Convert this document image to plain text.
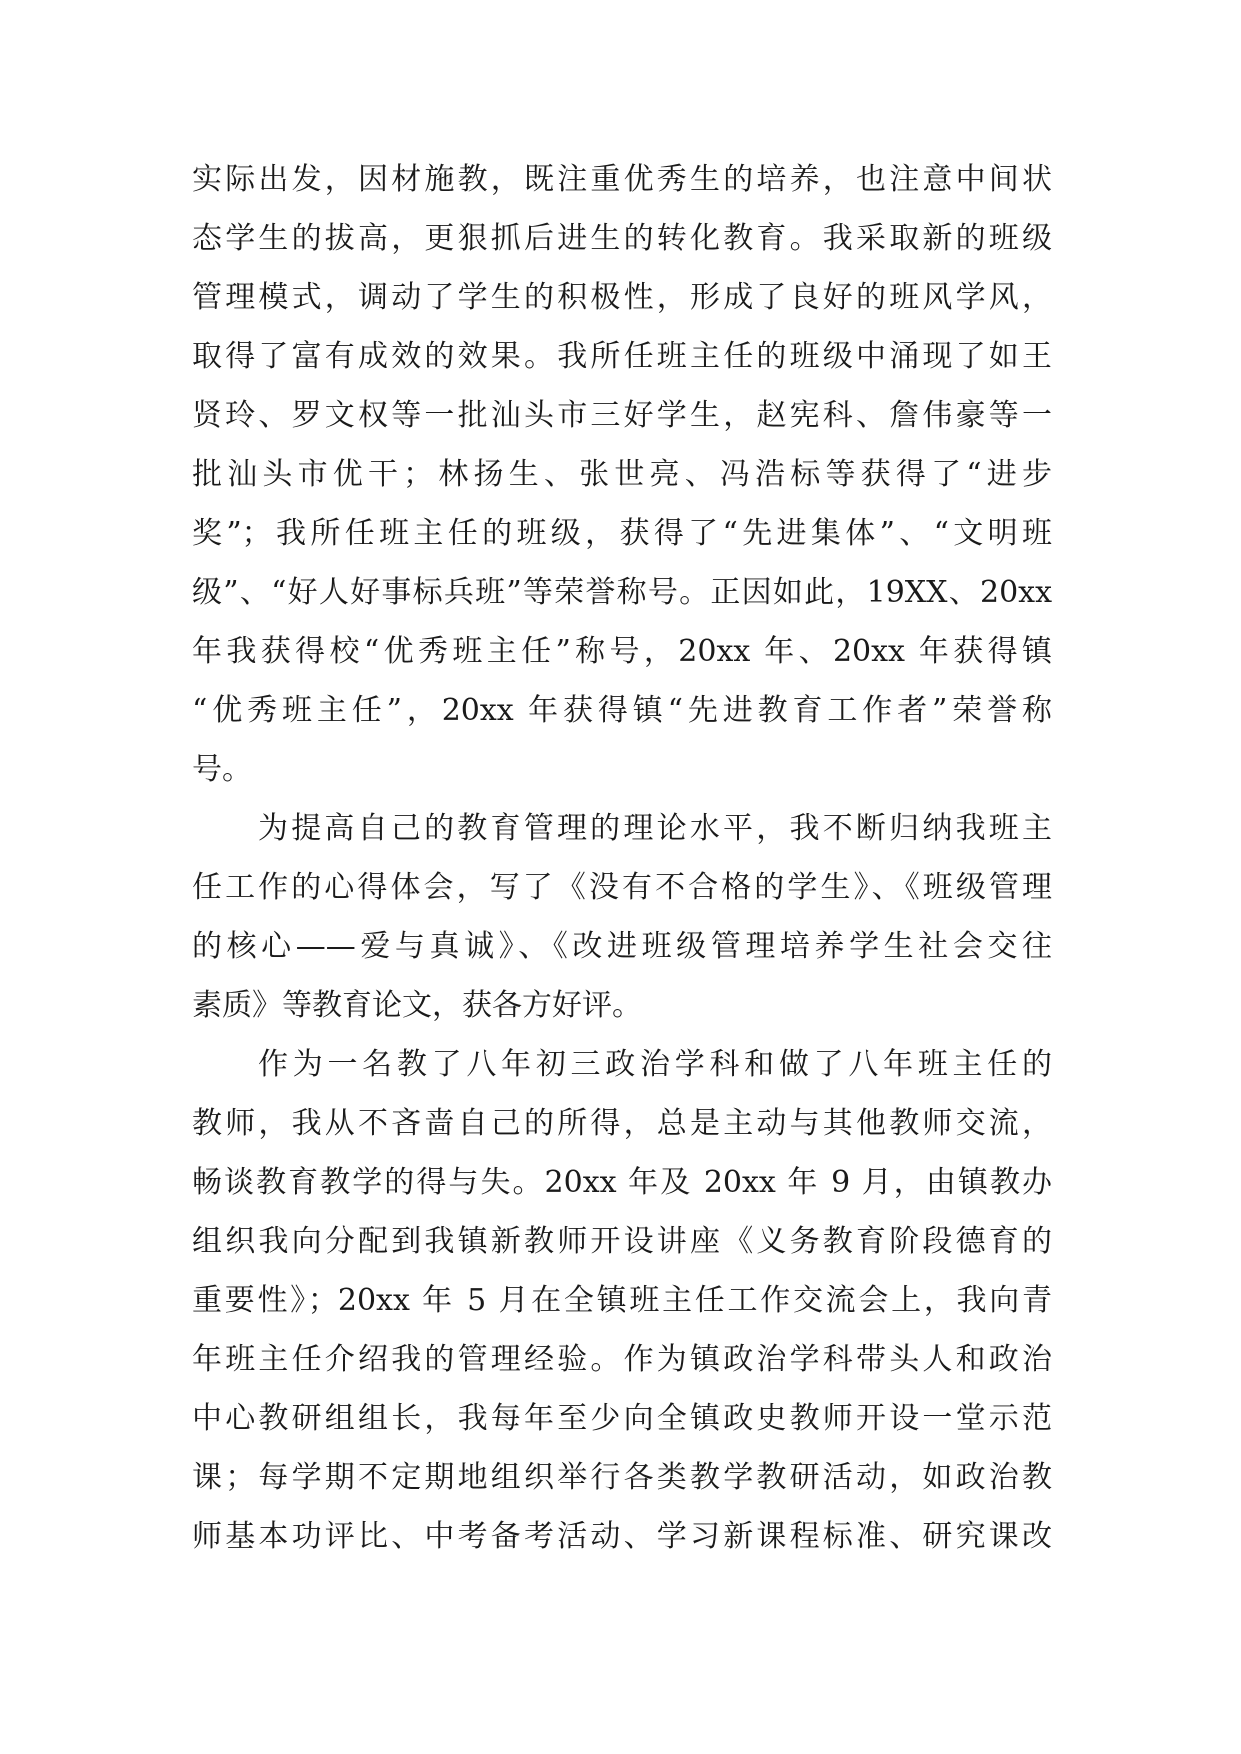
实际出发，因材施教，既注重优秀生的培养，也注意中间状
态学生的拔高，更狠抓后进生的转化教育。我采取新的班级
管理模式，调动了学生的积极性，形成了良好的班风学风，
取得了富有成效的效果。我所任班主任的班级中涌现了如王
贤玲、罗文权等一批汕头市三好学生，赵宪科、詹伟豪等一
批汕头市优干；林扬生、张世亮、冯浩标等获得了“进步
奖”；我所任班主任的班级，获得了“先进集体”、“文明班
级”、“好人好事标兵班”等荣誉称号。正因如此，19XX、20xx
年我获得校“优秀班主任”称号，20xx 年、20xx 年获得镇
“优秀班主任”，20xx 年获得镇“先进教育工作者”荣誉称
号。
为提高自己的教育管理的理论水平，我不断归纳我班主
任工作的心得体会，写了《没有不合格的学生》、《班级管理
的核心——爱与真诚》、《改进班级管理培养学生社会交往
素质》等教育论文，获各方好评。
作为一名教了八年初三政治学科和做了八年班主任的
教师，我从不吝啬自己的所得，总是主动与其他教师交流，
畅谈教育教学的得与失。20xx 年及 20xx 年 9 月，由镇教办
组织我向分配到我镇新教师开设讲座《义务教育阶段德育的
重要性》；20xx 年 5 月在全镇班主任工作交流会上，我向青
年班主任介绍我的管理经验。作为镇政治学科带头人和政治
中心教研组组长，我每年至少向全镇政史教师开设一堂示范
课；每学期不定期地组织举行各类教学教研活动，如政治教
师基本功评比、中考备考活动、学习新课程标准、研究课改
